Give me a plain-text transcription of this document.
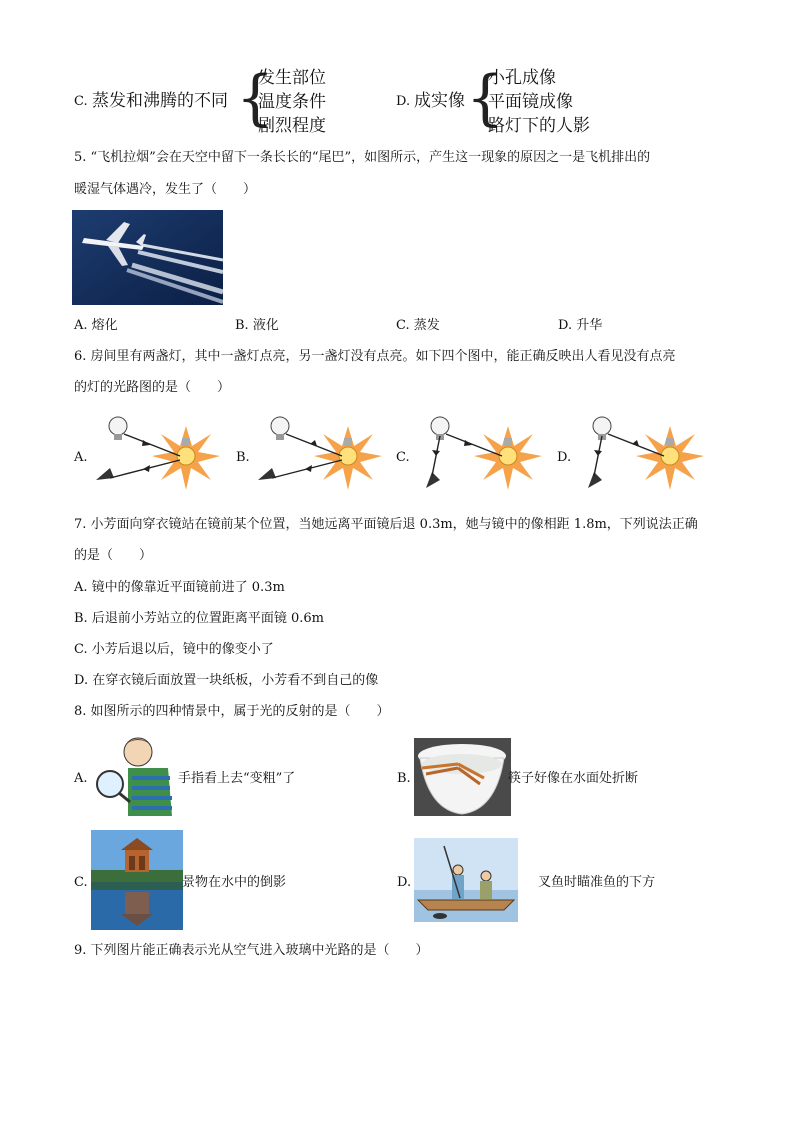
C. 蒸发和沸腾的不同 {
发生部位
温度条件
剧烈程度
D. 成实像 {
小孔成像
平面镜成像
路灯下的人影
5. “飞机拉烟”会在天空中留下一条长长的“尾巴”，如图所示，产生这一现象的原因之一是飞机排出的
暖湿气体遇冷，发生了（　　）
A. 熔化	B. 液化	C. 蒸发	D. 升华
6. 房间里有两盏灯，其中一盏灯点亮，另一盏灯没有点亮。如下四个图中，能正确反映出人看见没有点亮
的灯的光路图的是（　　）
A.	B.	C.	D.
7. 小芳面向穿衣镜站在镜前某个位置，当她远离平面镜后退 0.3m，她与镜中的像相距 1.8m，下列说法正确
的是（　　）
A. 镜中的像靠近平面镜前进了 0.3m
B. 后退前小芳站立的位置距离平面镜 0.6m
C. 小芳后退以后，镜中的像变小了
D. 在穿衣镜后面放置一块纸板，小芳看不到自己的像
8. 如图所示的四种情景中，属于光的反射的是（　　）
A.	手指看上去“变粗”了	B.	筷子好像在水面处折断
C.	景物在水中的倒影	D.	叉鱼时瞄准鱼的下方
9. 下列图片能正确表示光从空气进入玻璃中光路的是（　　）
